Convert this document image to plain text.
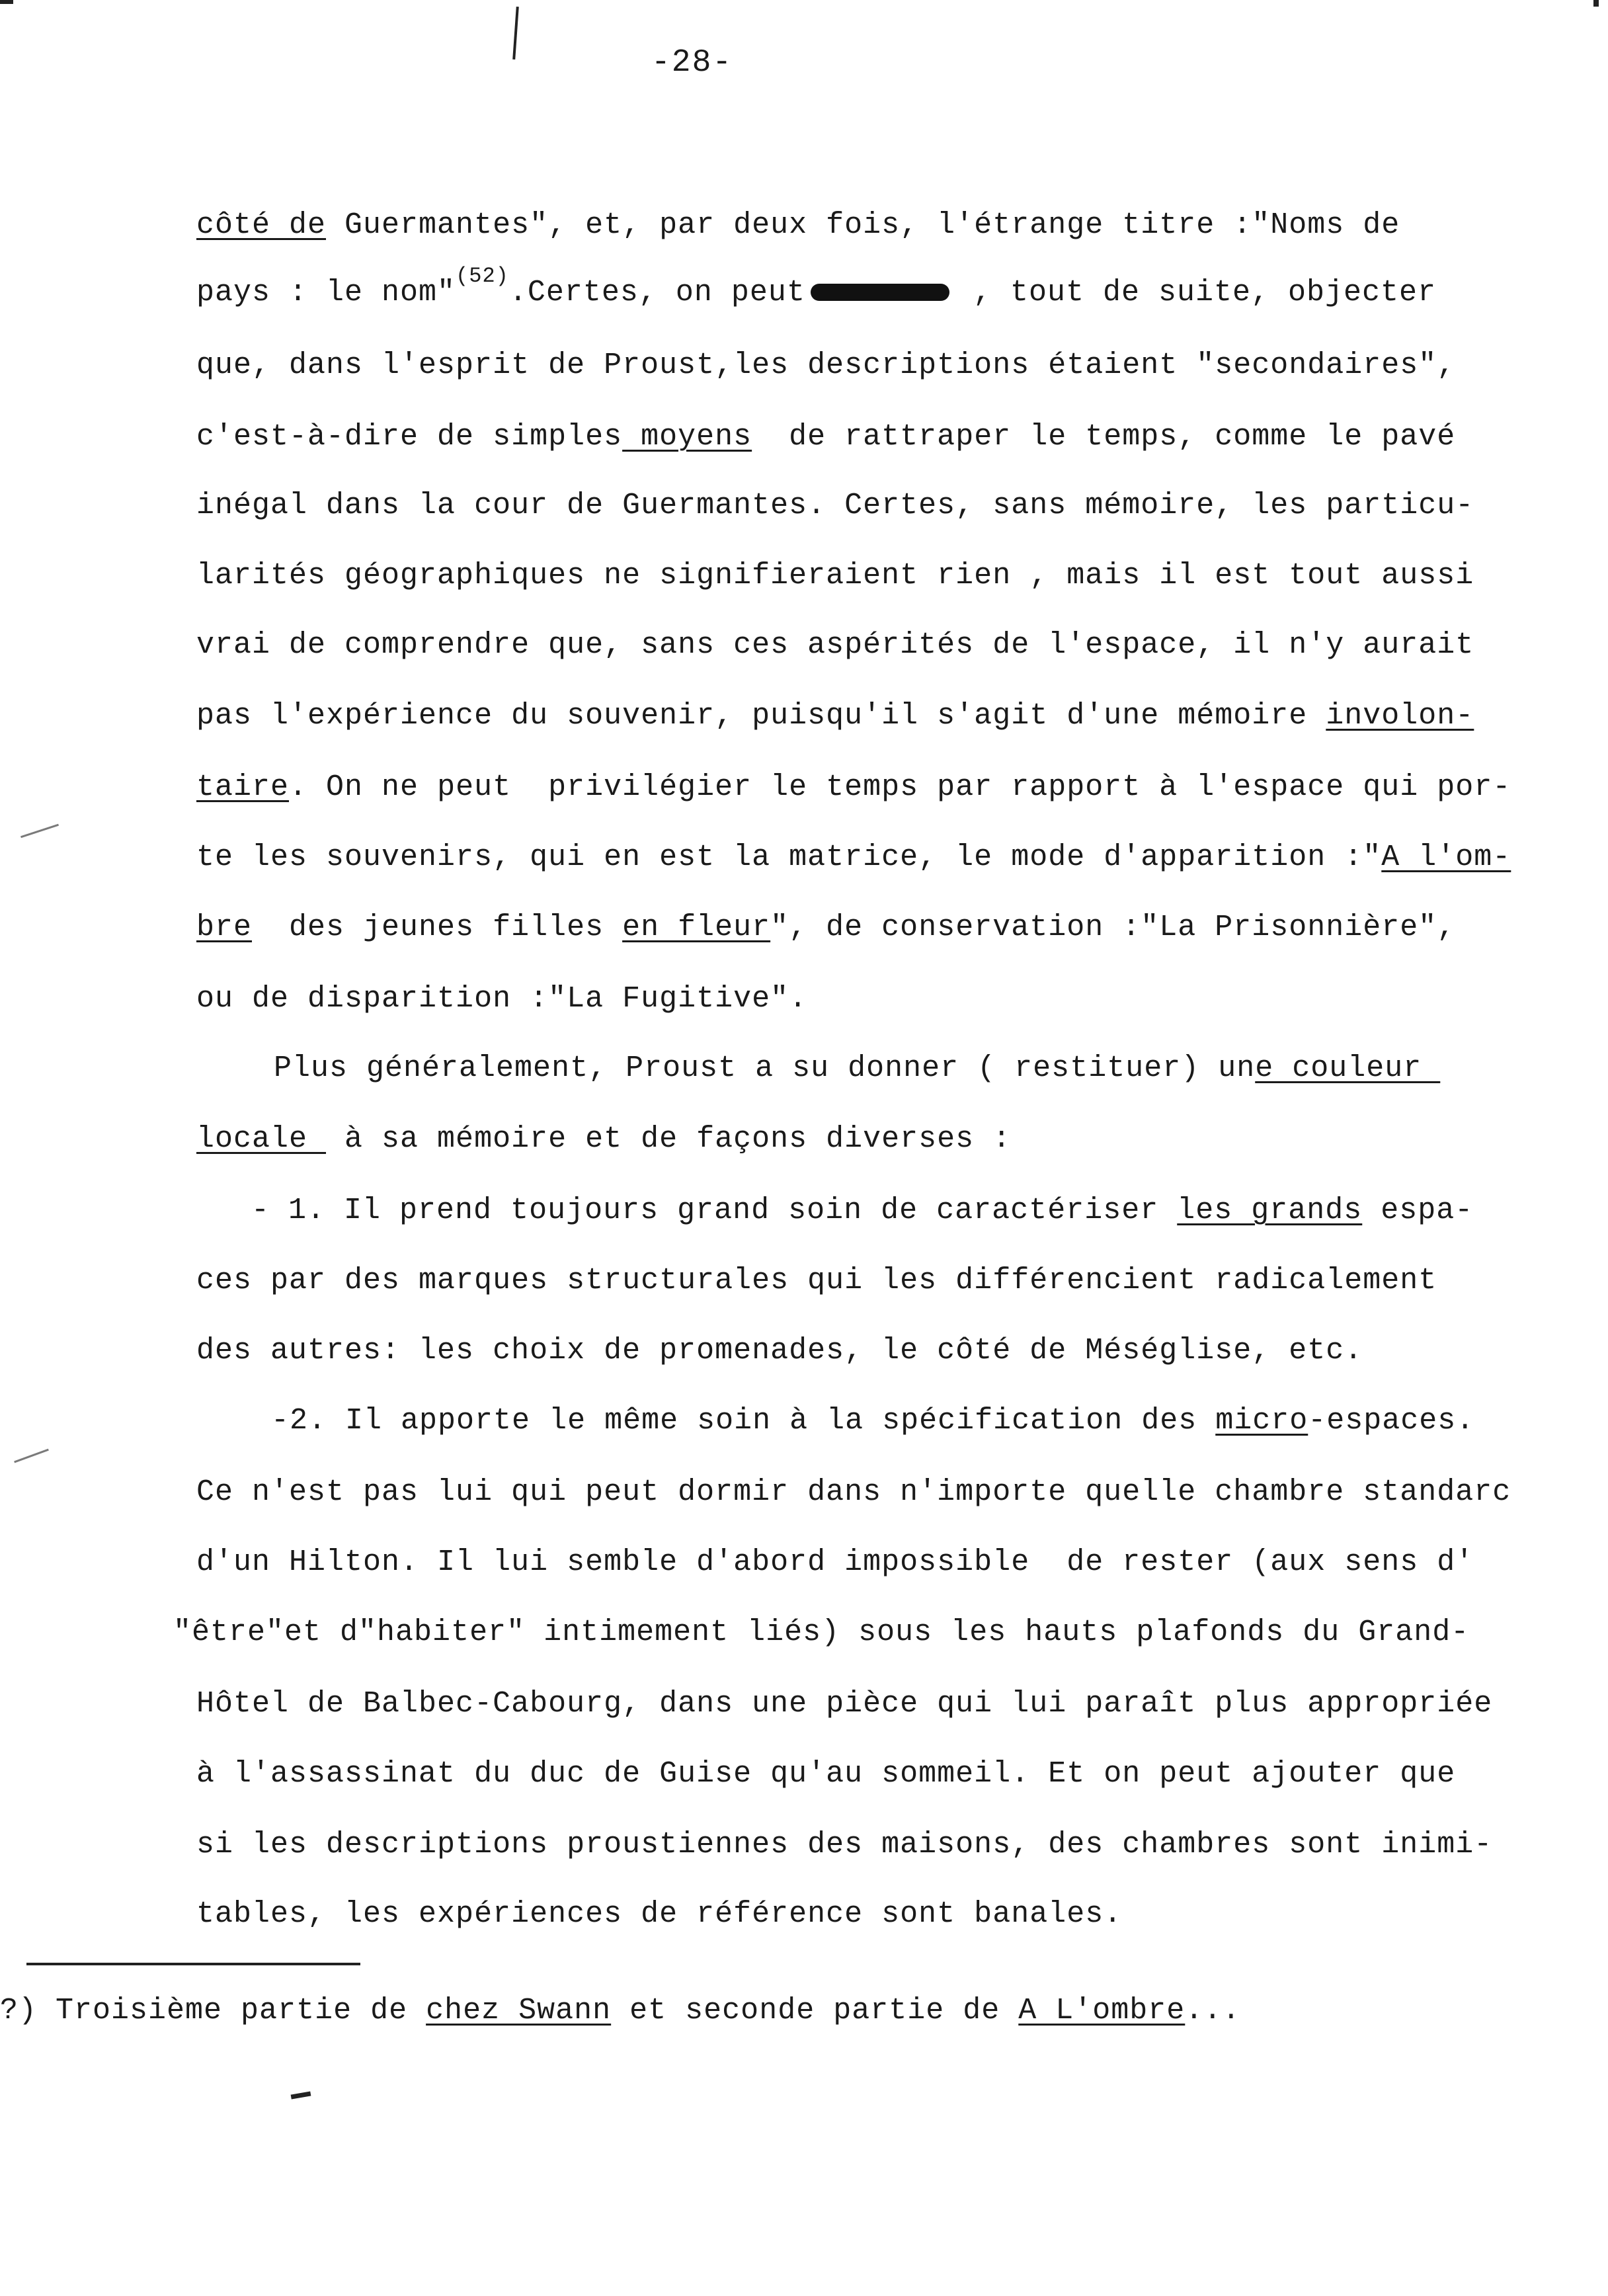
-28-
côté de Guermantes", et, par deux fois, l'étrange titre :"Noms de
pays : le nom"$^{(52)}$.Certes, on peut	, tout de suite, objecter
que, dans l'esprit de Proust,les descriptions étaient "secondaires",
c'est-à-dire de simples moyens  de rattraper le temps, comme le pavé
inégal dans la cour de Guermantes. Certes, sans mémoire, les particu-
larités géographiques ne signifieraient rien , mais il est tout aussi
vrai de comprendre que, sans ces aspérités de l'espace, il n'y aurait
pas l'expérience du souvenir, puisqu'il s'agit d'une mémoire involon-
taire. On ne peut  privilégier le temps par rapport à l'espace qui por-
te les souvenirs, qui en est la matrice, le mode d'apparition :"A l'om-
bre  des jeunes filles en fleur", de conservation :"La Prisonnière",
ou de disparition :"La Fugitive".
Plus généralement, Proust a su donner ( restituer) une couleur
locale  à sa mémoire et de façons diverses :
- 1. Il prend toujours grand soin de caractériser les grands espa-
ces par des marques structurales qui les différencient radicalement
des autres: les choix de promenades, le côté de Méséglise, etc.
-2. Il apporte le même soin à la spécification des micro-espaces.
Ce n'est pas lui qui peut dormir dans n'importe quelle chambre standarc
d'un Hilton. Il lui semble d'abord impossible  de rester (aux sens d'
"être"et d"habiter" intimement liés) sous les hauts plafonds du Grand-
Hôtel de Balbec-Cabourg, dans une pièce qui lui paraît plus appropriée
à l'assassinat du duc de Guise qu'au sommeil. Et on peut ajouter que
si les descriptions proustiennes des maisons, des chambres sont inimi-
tables, les expériences de référence sont banales.
?) Troisième partie de chez Swann et seconde partie de A L'ombre...
